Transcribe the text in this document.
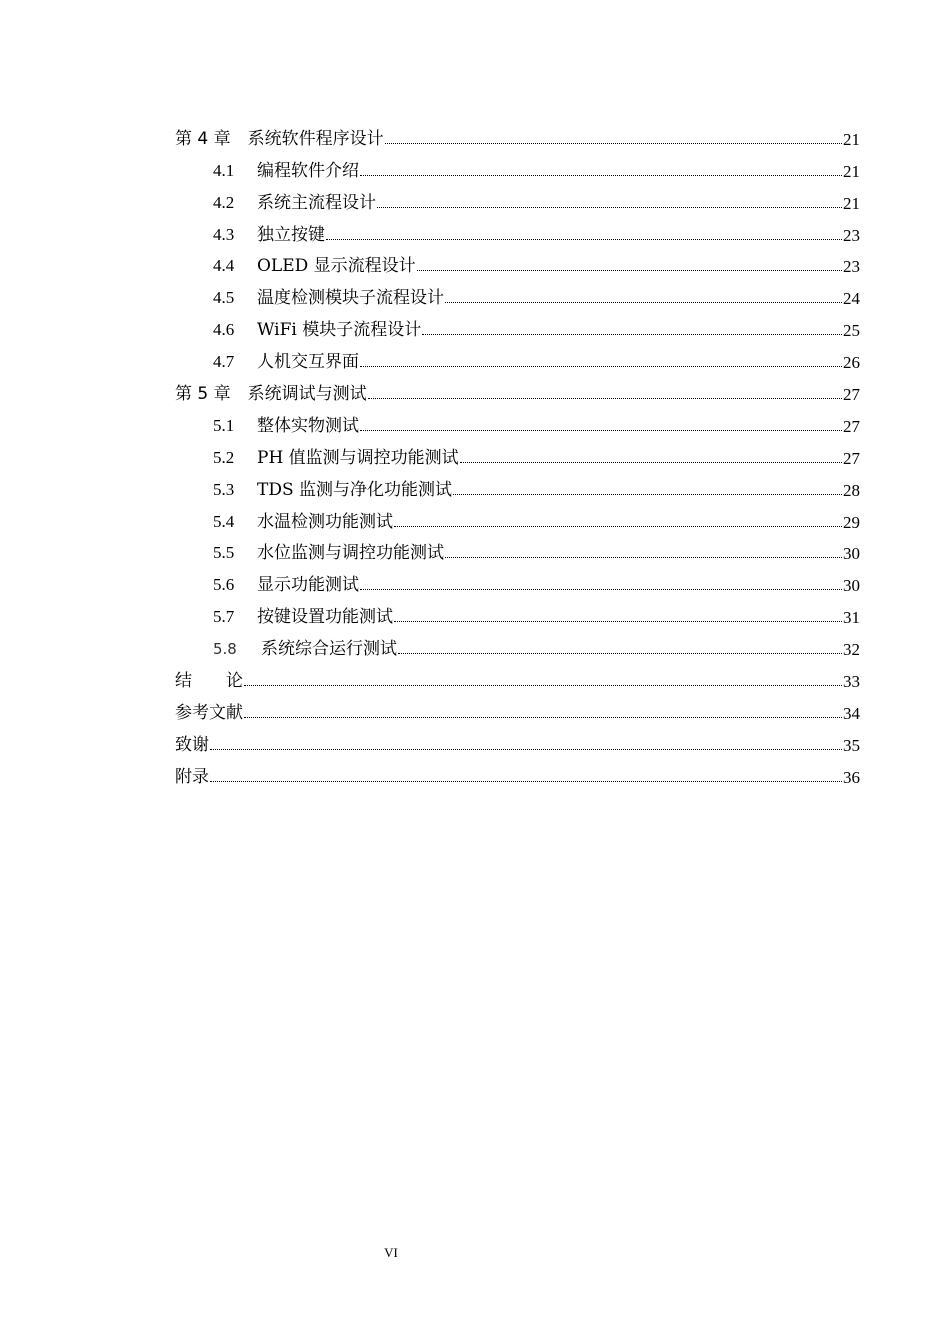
第 4 章　 系统软件程序设计	21
4.1 编程软件介绍	21
4.2 系统主流程设计	21
4.3 独立按键	23
4.4 OLED 显示流程设计	23
4.5 温度检测模块子流程设计	24
4.6 WiFi 模块子流程设计	25
4.7 人机交互界面	26
第 5 章　 系统调试与测试	27
5.1 整体实物测试	27
5.2 PH 值监测与调控功能测试	27
5.3 TDS 监测与净化功能测试	28
5.4 水温检测功能测试	29
5.5 水位监测与调控功能测试	30
5.6 显示功能测试	30
5.7 按键设置功能测试	31
5.8 系统综合运行测试	32
结　　论	33
参考文献	34
致谢	35
附录	36
VI
